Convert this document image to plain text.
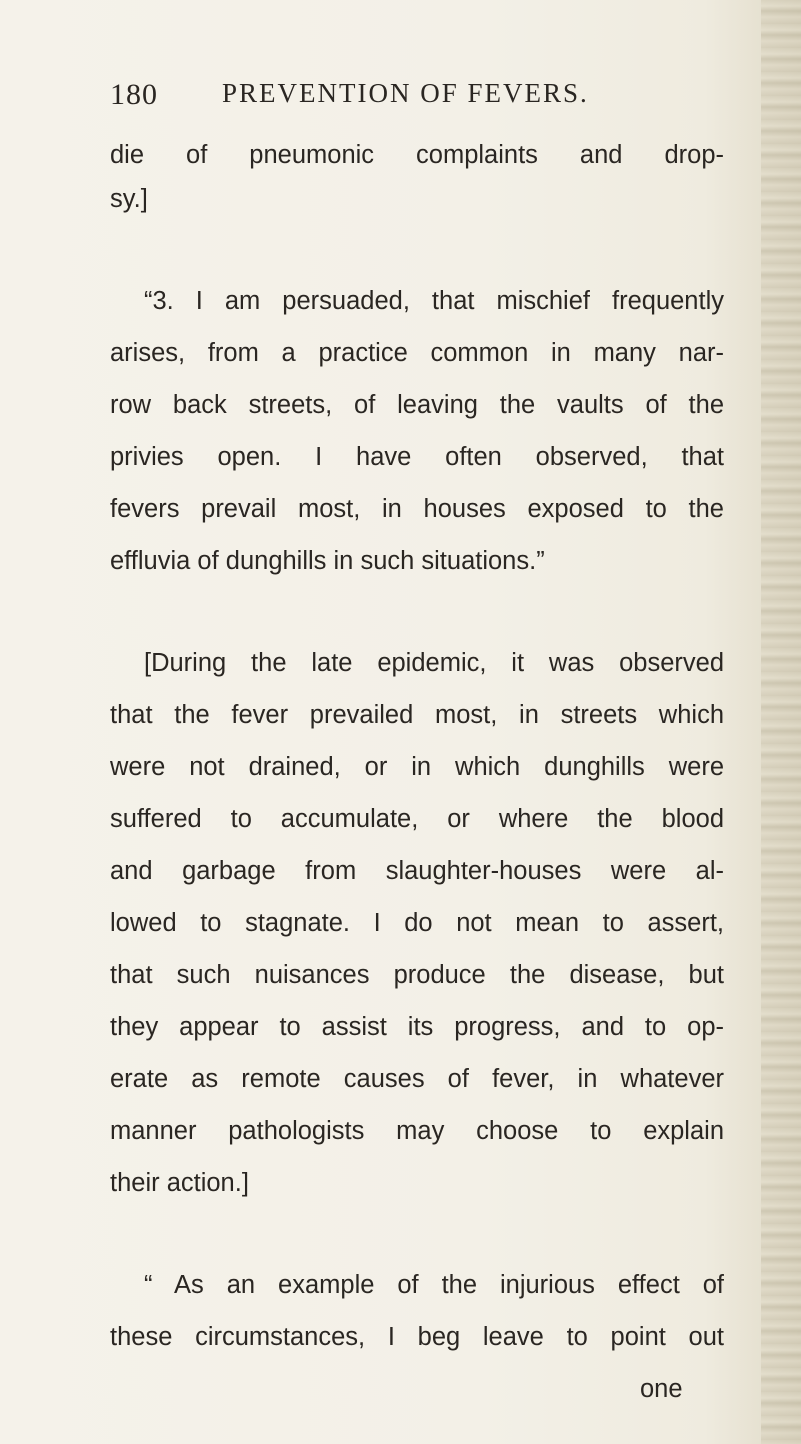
180 PREVENTION OF FEVERS.
die of pneumonic complaints and drop-
sy.]
“3. I am persuaded, that mischief frequently
arises, from a practice common in many nar-
row back streets, of leaving the vaults of the
privies open. I have often observed, that
fevers prevail most, in houses exposed to the
effluvia of dunghills in such situations.”
[During the late epidemic, it was observed
that the fever prevailed most, in streets which
were not drained, or in which dunghills were
suffered to accumulate, or where the blood
and garbage from slaughter-houses were al-
lowed to stagnate. I do not mean to assert,
that such nuisances produce the disease, but
they appear to assist its progress, and to op-
erate as remote causes of fever, in whatever
manner pathologists may choose to explain
their action.]
“ As an example of the injurious effect of
these circumstances, I beg leave to point out
one
